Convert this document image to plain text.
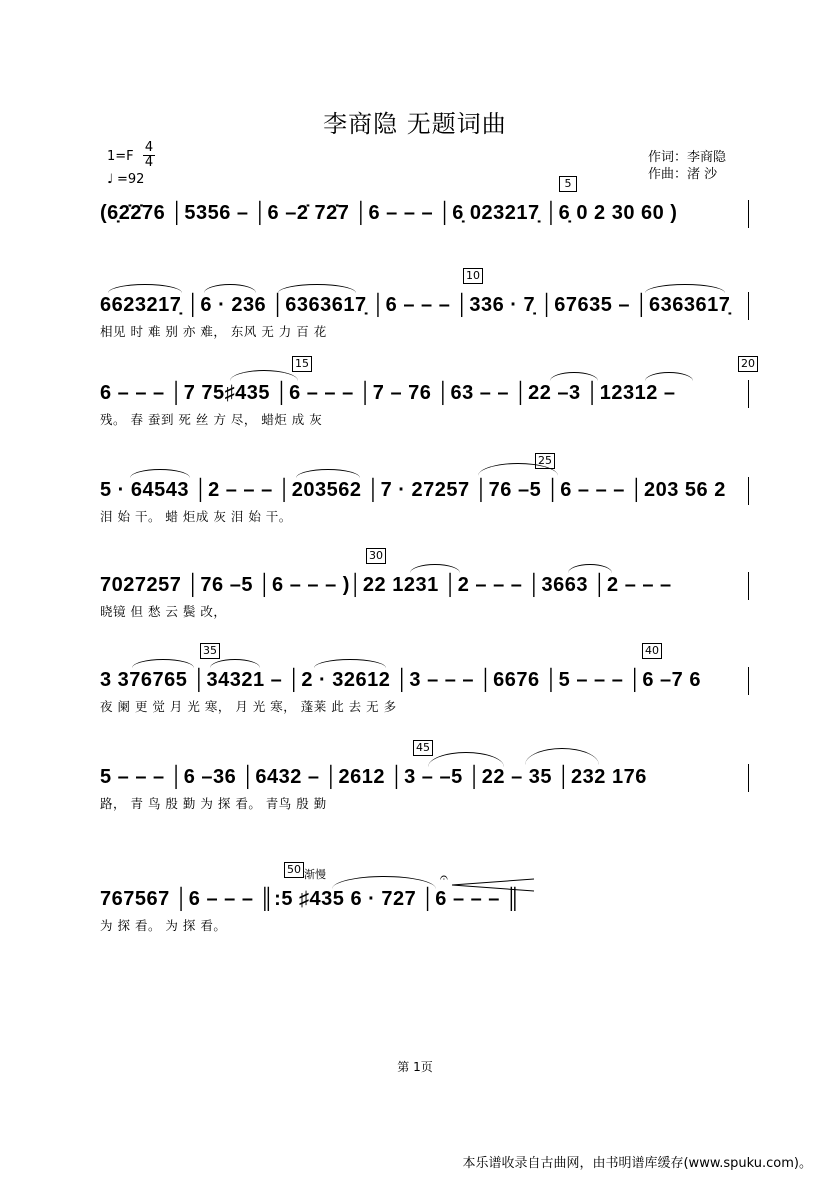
李商隐 无题词曲
1=F
4
4
♩ =92
作词：李商隐
作曲：渚 沙
5
(6̣2̇2̇76 │5356 – │6 –2̇ 72̇7 │6 – – – │6̣ 023217̣ │6̣ 0 2 30 60 )
10
6623217̣ │6 · 236 │6363617̣ │6 – – – │336 · 7̣ │67635 – │6363617̣
相见 时 难 别 亦 难， 东风 无 力 百 花
15	20
6 – – – │7 75♯435 │6 – – – │7 – 76 │63 – – │22 –3 │12312 –
残。 春 蚕到 死 丝 方 尽， 蜡炬 成 灰
25
5 · 64543 │2 – – – │203562 │7 · 27257 │76 –5 │6 – – – │203 56 2
泪 始 干。 蜡 炬成 灰 泪 始 干。
30
7027257 │76 –5 │6 – – – )│22 1231 │2 – – – │3663 │2 – – –
晓镜 但 愁 云 鬓 改，
35	40
3 376765 │34321 – │2 · 32612 │3 – – – │6676 │5 – – – │6 –7 6
夜 阑 更 觉 月 光 寒， 月 光 寒， 蓬莱 此 去 无 多
45
5 – – – │6 –36 │6432 – │2612 │3 – –5 │22 – 35 │232 176
路， 青 鸟 殷 勤 为 探 看。 青鸟 殷 勤
50 渐慢	𝄐
767567 │6 – – – ║:5 ♯435 6 · 727 │6 – – – ║
为 探 看。 为 探 看。
第 1页
本乐谱收录自古曲网，由书明谱库缓存(www.spuku.com)。
